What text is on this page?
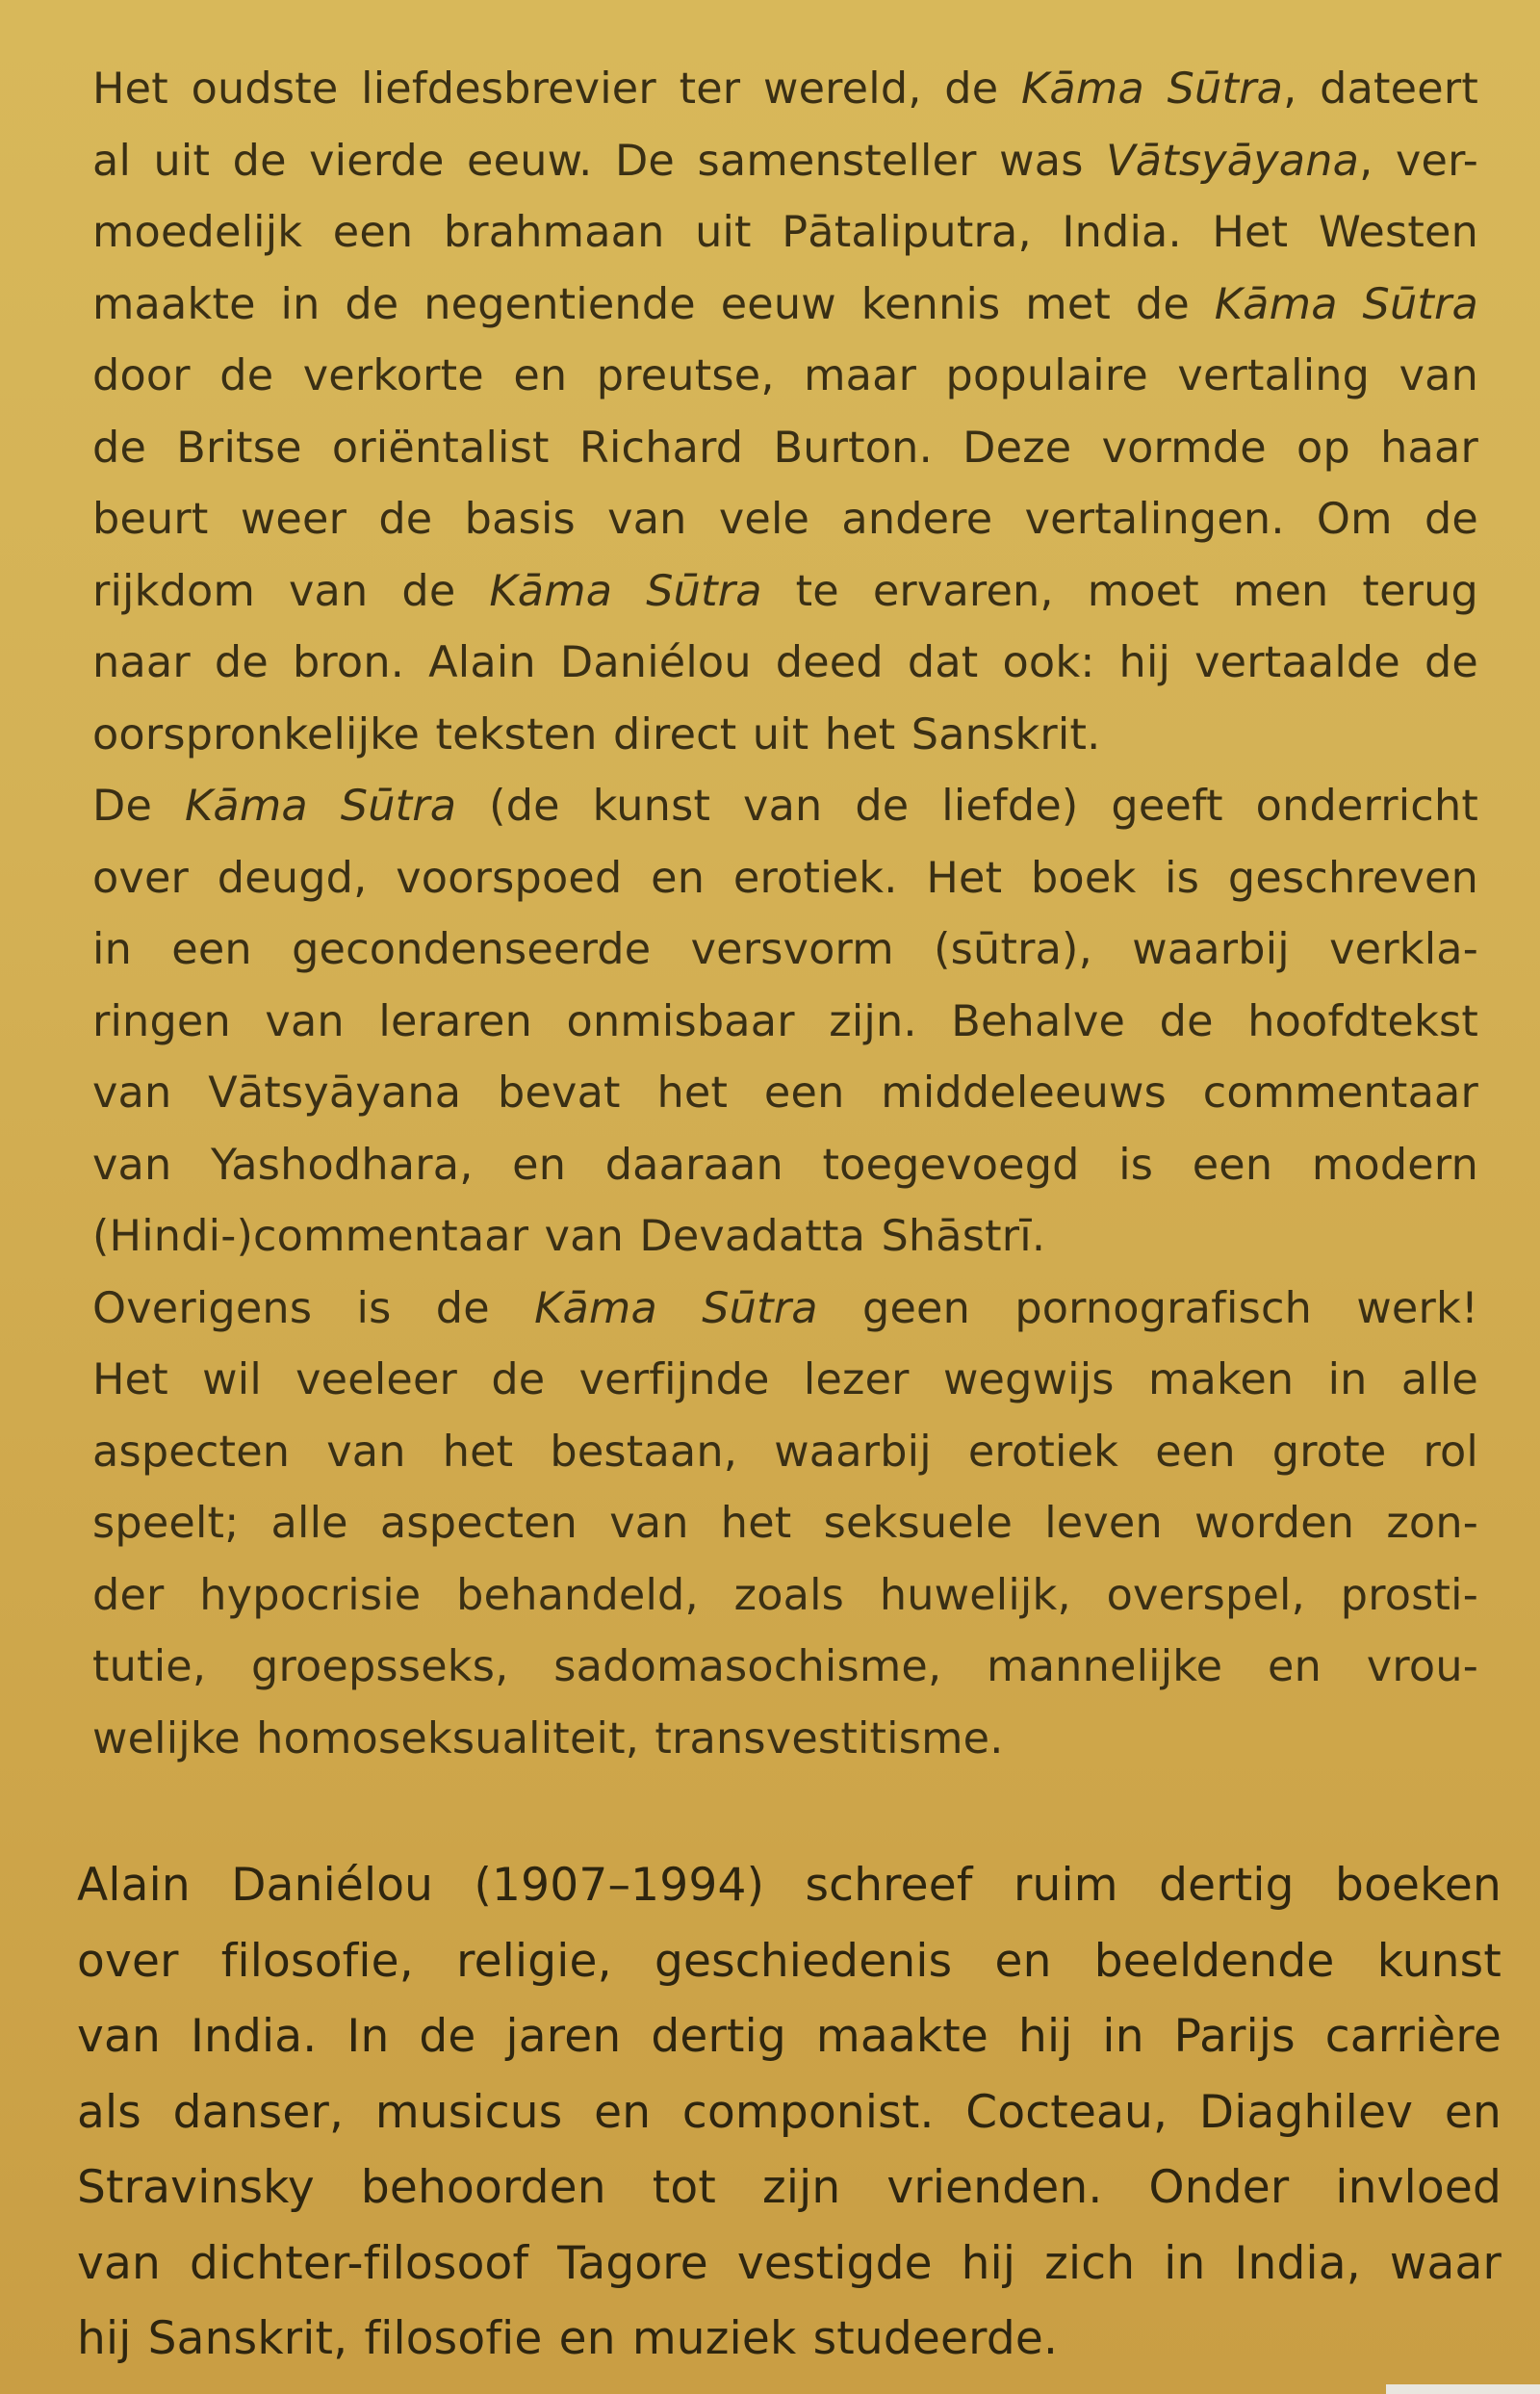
Het oudste liefdesbrevier ter wereld, de Kāma Sūtra, dateert
al uit de vierde eeuw. De samensteller was Vātsyāyana, ver-
moedelijk een brahmaan uit Pātaliputra, India. Het Westen
maakte in de negentiende eeuw kennis met de Kāma Sūtra
door de verkorte en preutse, maar populaire vertaling van
de Britse oriëntalist Richard Burton. Deze vormde op haar
beurt weer de basis van vele andere vertalingen. Om de
rijkdom van de Kāma Sūtra te ervaren, moet men terug
naar de bron. Alain Daniélou deed dat ook: hij vertaalde de
oorspronkelijke teksten direct uit het Sanskrit.

De Kāma Sūtra (de kunst van de liefde) geeft onderricht
over deugd, voorspoed en erotiek. Het boek is geschreven
in een gecondenseerde versvorm (sūtra), waarbij verkla-
ringen van leraren onmisbaar zijn. Behalve de hoofdtekst
van Vātsyāyana bevat het een middeleeuws commentaar
van Yashodhara, en daaraan toegevoegd is een modern
(Hindi-)commentaar van Devadatta Shāstrī.

Overigens is de Kāma Sūtra geen pornografisch werk!
Het wil veeleer de verfijnde lezer wegwijs maken in alle
aspecten van het bestaan, waarbij erotiek een grote rol
speelt; alle aspecten van het seksuele leven worden zon-
der hypocrisie behandeld, zoals huwelijk, overspel, prosti-
tutie, groepsseks, sadomasochisme, mannelijke en vrou-
welijke homoseksualiteit, transvestitisme.

Alain Daniélou (1907–1994) schreef ruim dertig boeken
over filosofie, religie, geschiedenis en beeldende kunst
van India. In de jaren dertig maakte hij in Parijs carrière
als danser, musicus en componist. Cocteau, Diaghilev en
Stravinsky behoorden tot zijn vrienden. Onder invloed
van dichter-filosoof Tagore vestigde hij zich in India, waar
hij Sanskrit, filosofie en muziek studeerde.
